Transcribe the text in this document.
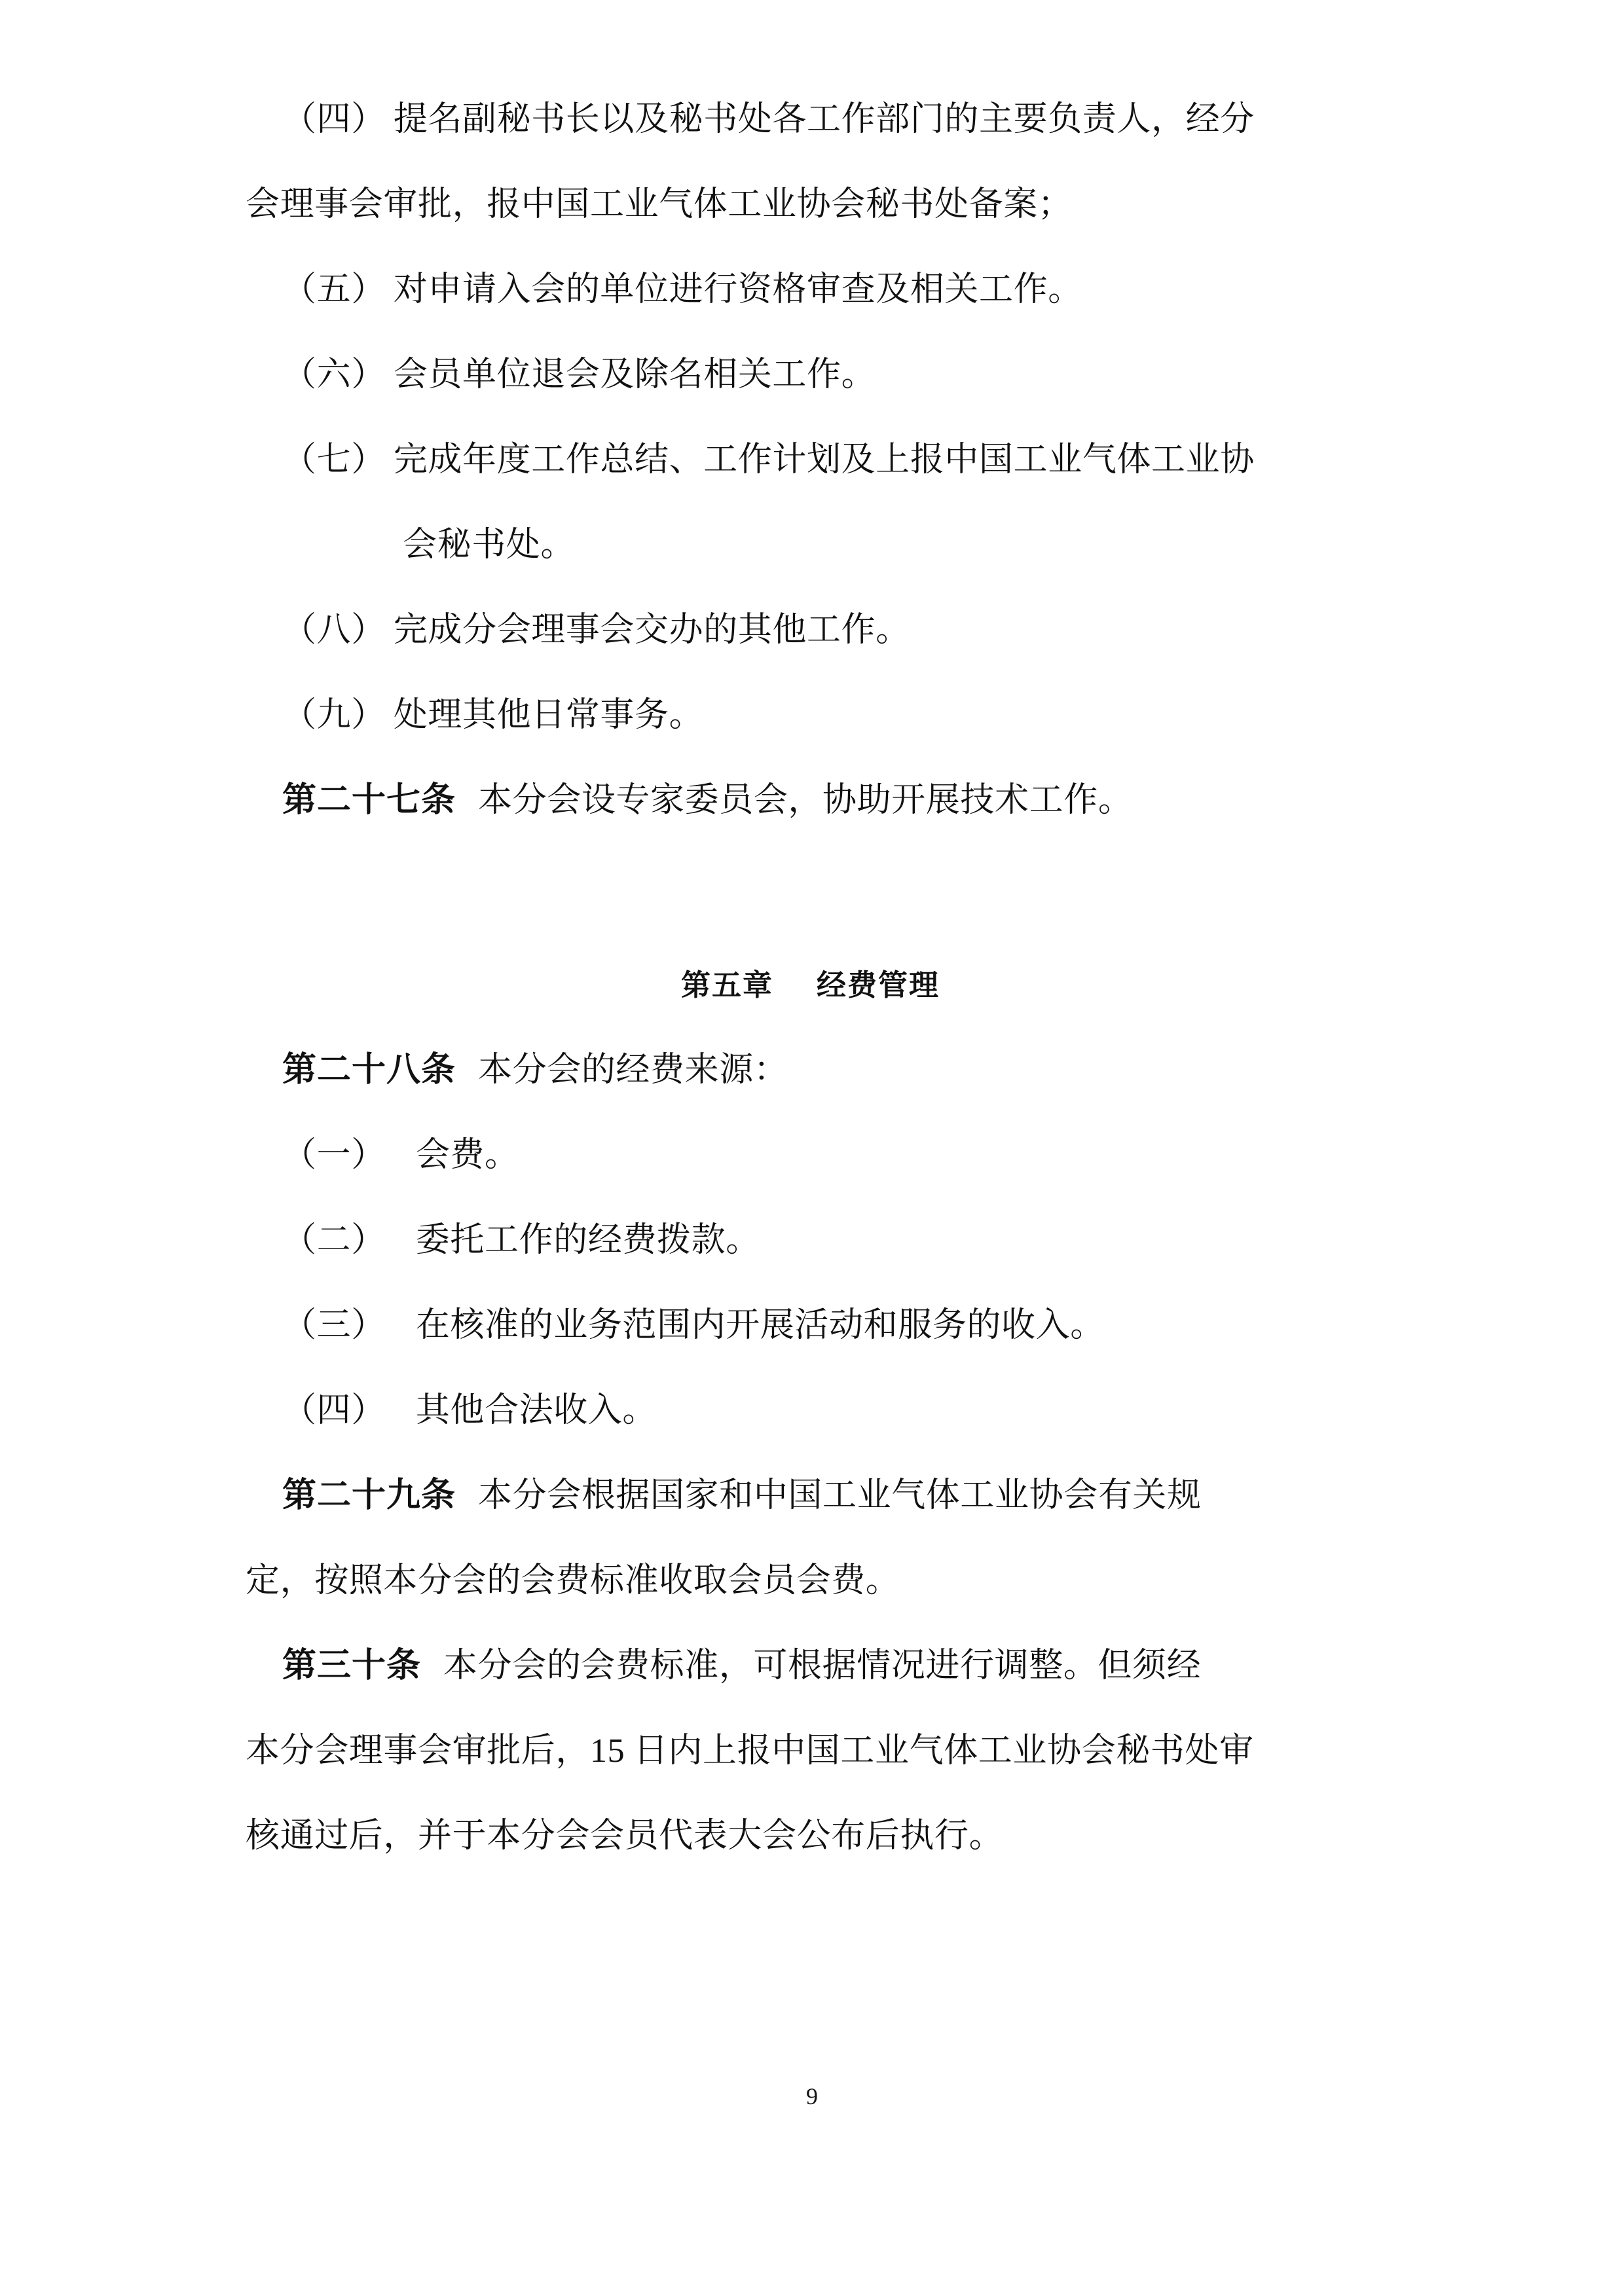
（四） 提名副秘书长以及秘书处各工作部门的主要负责人，经分
会理事会审批，报中国工业气体工业协会秘书处备案；
（五） 对申请入会的单位进行资格审查及相关工作。
（六） 会员单位退会及除名相关工作。
（七） 完成年度工作总结、工作计划及上报中国工业气体工业协
会秘书处。
（八） 完成分会理事会交办的其他工作。
（九） 处理其他日常事务。
第二十七条 本分会设专家委员会，协助开展技术工作。
第五章 经费管理
第二十八条 本分会的经费来源：
（一） 会费。
（二） 委托工作的经费拨款。
（三） 在核准的业务范围内开展活动和服务的收入。
（四） 其他合法收入。
第二十九条 本分会根据国家和中国工业气体工业协会有关规
定，按照本分会的会费标准收取会员会费。
第三十条 本分会的会费标准，可根据情况进行调整。但须经
本分会理事会审批后，15 日内上报中国工业气体工业协会秘书处审
核通过后，并于本分会会员代表大会公布后执行。
9
